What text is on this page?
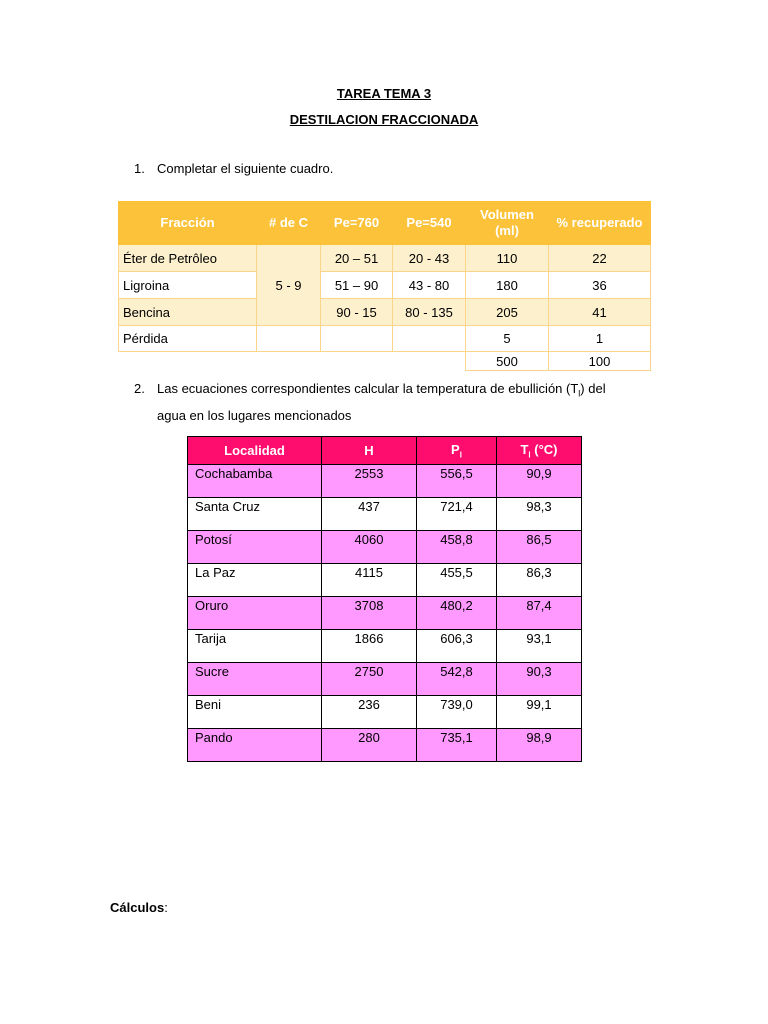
TAREA TEMA 3
DESTILACION FRACCIONADA
1. Completar el siguiente cuadro.
Fracción	# de C	Pe=760	Pe=540	Volumen (ml)	% recuperado
Éter de Petrôleo	5 - 9	20 – 51	20 - 43	110	22
Ligroina		51 – 90	43 - 80	180	36
Bencina		90 - 15	80 - 135	205	41
Pérdida				5	1
				500	100
2. Las ecuaciones correspondientes calcular la temperatura de ebullición $(T_l)$ del
agua en los lugares mencionados
Localidad	H	$P_l$	$T_l$ (°C)
Cochabamba	2553	556,5	90,9
Santa Cruz	437	721,4	98,3
Potosí	4060	458,8	86,5
La Paz	4115	455,5	86,3
Oruro	3708	480,2	87,4
Tarija	1866	606,3	93,1
Sucre	2750	542,8	90,3
Beni	236	739,0	99,1
Pando	280	735,1	98,9
Cálculos:
